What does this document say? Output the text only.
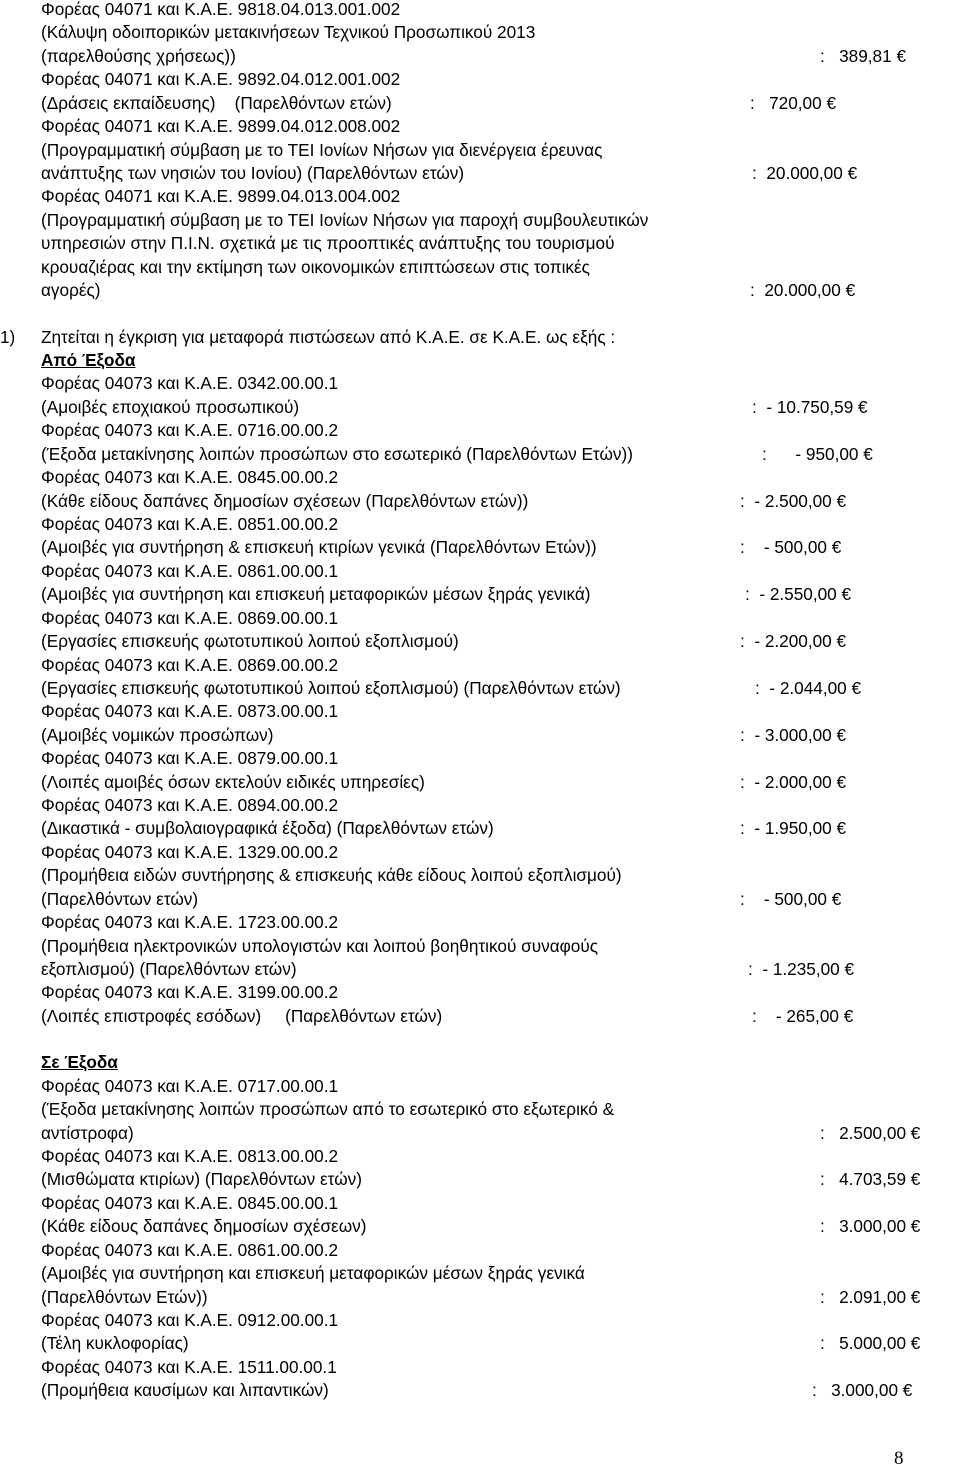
Φορέας 04071 και Κ.Α.Ε. 9818.04.013.001.002
(Κάλυψη οδοιπορικών μετακινήσεων Τεχνικού Προσωπικού 2013
(παρελθούσης χρήσεως))	:   389,81 €
Φορέας 04071 και Κ.Α.Ε. 9892.04.012.001.002
(Δράσεις εκπαίδευσης)    (Παρελθόντων ετών)	:   720,00 €
Φορέας 04071 και Κ.Α.Ε. 9899.04.012.008.002
(Προγραμματική σύμβαση με το ΤΕΙ Ιονίων Νήσων για διενέργεια έρευνας
ανάπτυξης των νησιών του Ιονίου) (Παρελθόντων ετών)	:  20.000,00 €
Φορέας 04071 και Κ.Α.Ε. 9899.04.013.004.002
(Προγραμματική σύμβαση με το ΤΕΙ Ιονίων Νήσων για παροχή συμβουλευτικών
υπηρεσιών στην Π.Ι.Ν. σχετικά με τις προοπτικές ανάπτυξης του τουρισμού
κρουαζιέρας και την εκτίμηση των οικονομικών επιπτώσεων στις τοπικές
αγορές)	:  20.000,00 €
1) Ζητείται η έγκριση για μεταφορά πιστώσεων από Κ.Α.Ε. σε Κ.Α.Ε. ως εξής :
Από Έξοδα
Φορέας 04073 και Κ.Α.Ε. 0342.00.00.1
(Αμοιβές εποχιακού προσωπικού)	:  - 10.750,59 €
Φορέας 04073 και Κ.Α.Ε. 0716.00.00.2
(Έξοδα μετακίνησης λοιπών προσώπων στο εσωτερικό (Παρελθόντων Ετών))	:      - 950,00 €
Φορέας 04073 και Κ.Α.Ε. 0845.00.00.2
(Κάθε είδους δαπάνες δημοσίων σχέσεων (Παρελθόντων ετών))	:  - 2.500,00 €
Φορέας 04073 και Κ.Α.Ε. 0851.00.00.2
(Αμοιβές για συντήρηση & επισκευή κτιρίων γενικά (Παρελθόντων Ετών))	:    - 500,00 €
Φορέας 04073 και Κ.Α.Ε. 0861.00.00.1
(Αμοιβές για συντήρηση και επισκευή μεταφορικών μέσων ξηράς γενικά)	:  - 2.550,00 €
Φορέας 04073 και Κ.Α.Ε. 0869.00.00.1
(Εργασίες επισκευής φωτοτυπικού λοιπού εξοπλισμού)	:  - 2.200,00 €
Φορέας 04073 και Κ.Α.Ε. 0869.00.00.2
(Εργασίες επισκευής φωτοτυπικού λοιπού εξοπλισμού) (Παρελθόντων ετών)	:  - 2.044,00 €
Φορέας 04073 και Κ.Α.Ε. 0873.00.00.1
(Αμοιβές νομικών προσώπων)	:  - 3.000,00 €
Φορέας 04073 και Κ.Α.Ε. 0879.00.00.1
(Λοιπές αμοιβές όσων εκτελούν ειδικές υπηρεσίες)	:  - 2.000,00 €
Φορέας 04073 και Κ.Α.Ε. 0894.00.00.2
(Δικαστικά - συμβολαιογραφικά έξοδα) (Παρελθόντων ετών)	:  - 1.950,00 €
Φορέας 04073 και Κ.Α.Ε. 1329.00.00.2
(Προμήθεια ειδών συντήρησης & επισκευής κάθε είδους λοιπού εξοπλισμού)
(Παρελθόντων ετών)	:    - 500,00 €
Φορέας 04073 και Κ.Α.Ε. 1723.00.00.2
(Προμήθεια ηλεκτρονικών υπολογιστών και λοιπού βοηθητικού συναφούς
εξοπλισμού) (Παρελθόντων ετών)	:  - 1.235,00 €
Φορέας 04073 και Κ.Α.Ε. 3199.00.00.2
(Λοιπές επιστροφές εσόδων)     (Παρελθόντων ετών)	:    - 265,00 €
Σε Έξοδα
Φορέας 04073 και Κ.Α.Ε. 0717.00.00.1
(Έξοδα μετακίνησης λοιπών προσώπων από το εσωτερικό στο εξωτερικό &
αντίστροφα)	:   2.500,00 €
Φορέας 04073 και Κ.Α.Ε. 0813.00.00.2
(Μισθώματα κτιρίων) (Παρελθόντων ετών)	:   4.703,59 €
Φορέας 04073 και Κ.Α.Ε. 0845.00.00.1
(Κάθε είδους δαπάνες δημοσίων σχέσεων)	:   3.000,00 €
Φορέας 04073 και Κ.Α.Ε. 0861.00.00.2
(Αμοιβές για συντήρηση και επισκευή μεταφορικών μέσων ξηράς γενικά
(Παρελθόντων Ετών))	:   2.091,00 €
Φορέας 04073 και Κ.Α.Ε. 0912.00.00.1
(Τέλη κυκλοφορίας)	:   5.000,00 €
Φορέας 04073 και Κ.Α.Ε. 1511.00.00.1
(Προμήθεια καυσίμων και λιπαντικών)	:   3.000,00 €
8
